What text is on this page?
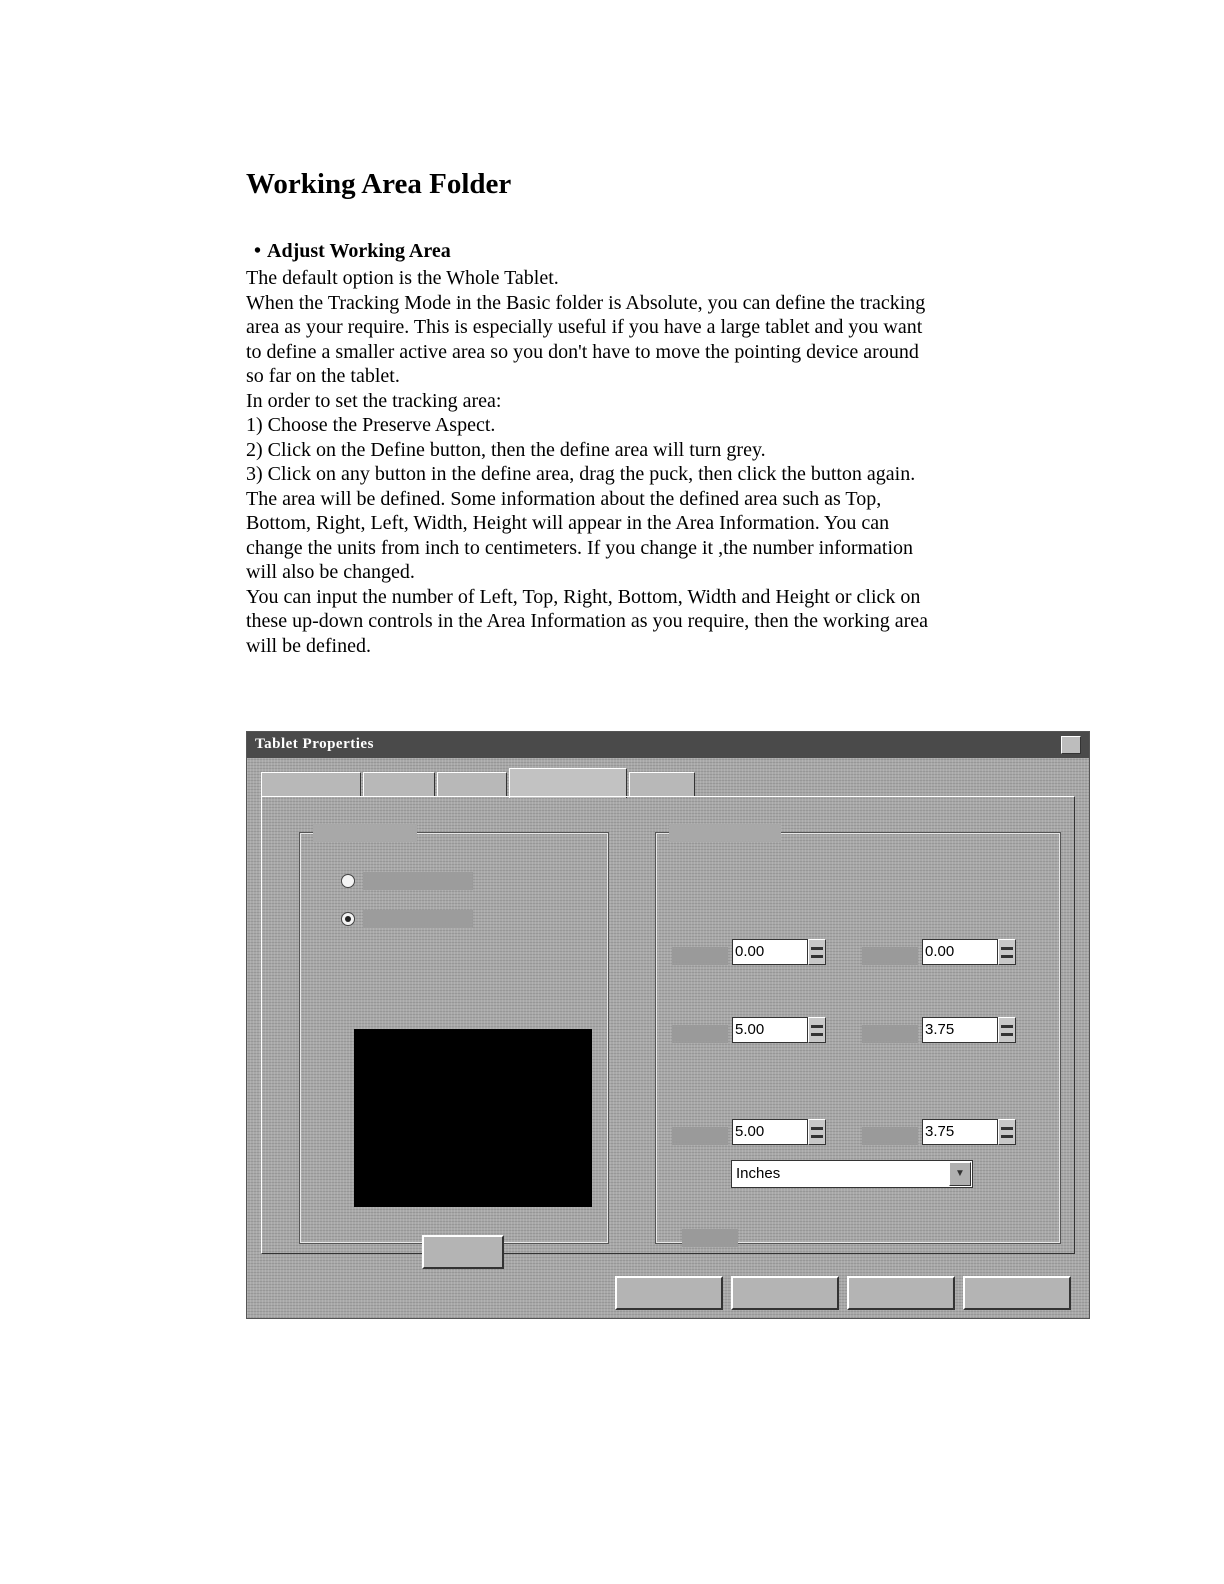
Working Area Folder
• Adjust Working Area
The default option is the Whole Tablet.
When the Tracking Mode in the Basic folder is Absolute, you can define the tracking
area as your require. This is especially useful if you have a large tablet and you want
to define a smaller active area so you don't have to move the pointing device around
so far on the tablet.
In order to set the tracking area:
1) Choose the Preserve Aspect.
2) Click on the Define button, then the define area will turn grey.
3) Click on any button in the define area, drag the puck, then click the button again.
The area will be defined. Some information about the defined area such as Top,
Bottom, Right, Left, Width, Height will appear in the Area Information. You can
change the units from inch to centimeters. If you change it ,the number information
will also be changed.
You can input the number of Left, Top, Right, Bottom, Width and Height or click on
these up-down controls in the Area Information as you require, then the working area
will be defined.
Tablet Properties
0.00	0.00
5.00	3.75
5.00	3.75
Inches	▼
